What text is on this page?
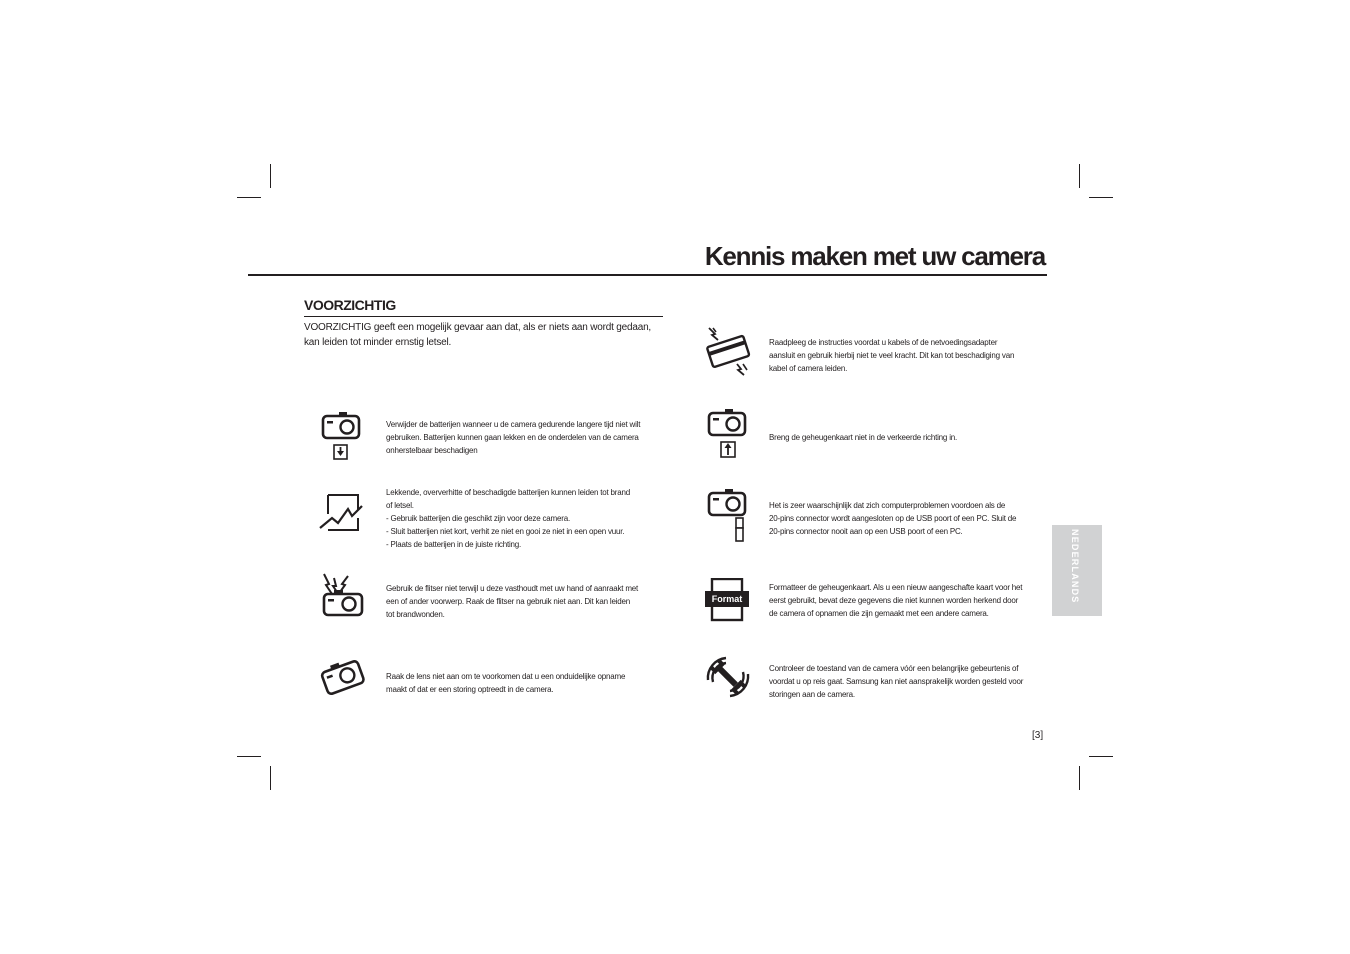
Kennis maken met uw camera
VOORZICHTIG

VOORZICHTIG geeft een mogelijk gevaar aan dat, als er niets aan wordt gedaan, kan leiden tot minder ernstig letsel.

Verwijder de batterijen wanneer u de camera gedurende langere tijd niet wilt

gebruiken. Batterijen kunnen gaan lekken en de onderdelen van de camera

onherstelbaar beschadigen

Lekkende, oververhitte of beschadigde batterijen kunnen leiden tot brand

of letsel.

- Gebruik batterijen die geschikt zijn voor deze camera.

- Sluit batterijen niet kort, verhit ze niet en gooi ze niet in een open vuur.

- Plaats de batterijen in de juiste richting.

Gebruik de flitser niet terwijl u deze vasthoudt met uw hand of aanraakt met

een of ander voorwerp. Raak de flitser na gebruik niet aan. Dit kan leiden

tot brandwonden.

Raak de lens niet aan om te voorkomen dat u een onduidelijke opname

maakt of dat er een storing optreedt in de camera.

Raadpleeg de instructies voordat u kabels of de netvoedingsadapter

aansluit en gebruik hierbij niet te veel kracht. Dit kan tot beschadiging van

kabel of camera leiden.

Breng de geheugenkaart niet in de verkeerde richting in.

Het is zeer waarschijnlijk dat zich computerproblemen voordoen als de

20-pins connector wordt aangesloten op de USB poort of een PC. Sluit de

20-pins connector nooit aan op een USB poort of een PC.

Format

Formatteer de geheugenkaart. Als u een nieuw aangeschafte kaart voor het

eerst gebruikt, bevat deze gegevens die niet kunnen worden herkend door

de camera of opnamen die zijn gemaakt met een andere camera.

Controleer de toestand van de camera vóór een belangrijke gebeurtenis of

voordat u op reis gaat. Samsung kan niet aansprakelijk worden gesteld voor

storingen aan de camera.

NEDERLANDS
[3]
